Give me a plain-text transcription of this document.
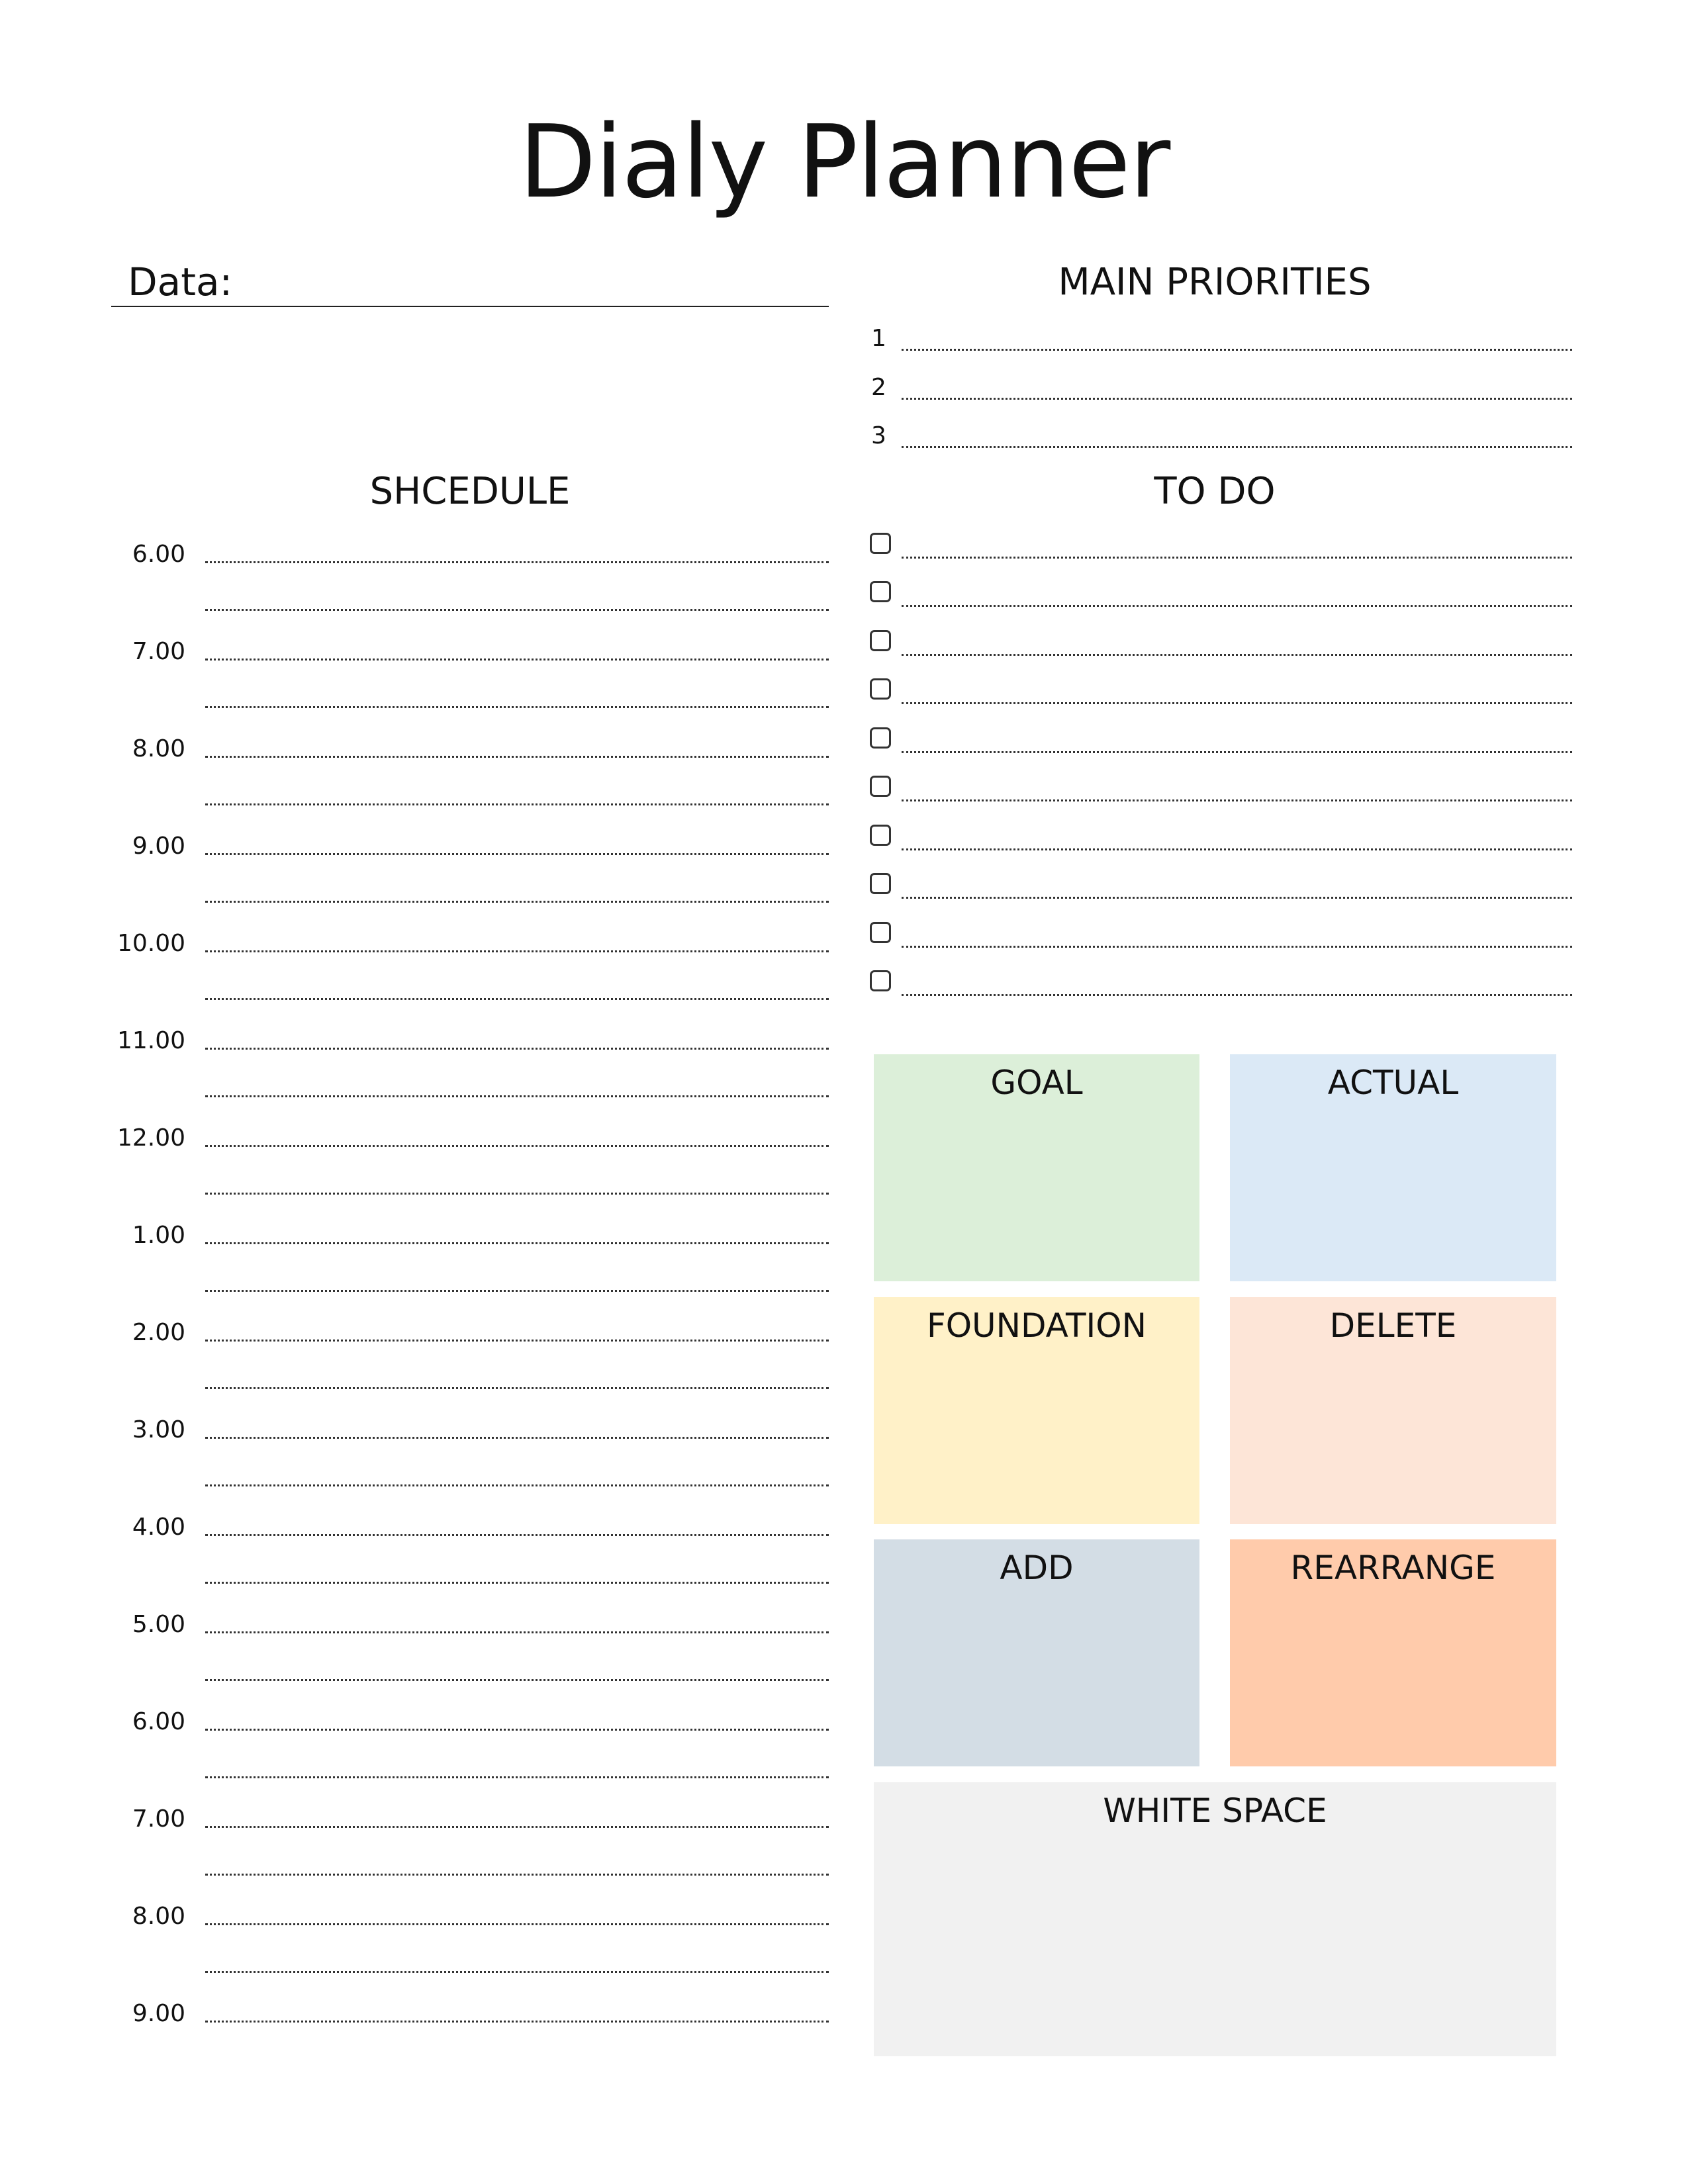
Dialy Planner
Data:	MAIN PRIORITIES
1
2
3
SHCEDULE	TO DO
6.00
7.00
8.00
9.00
10.00
11.00
12.00
1.00
2.00
3.00
4.00
5.00
6.00
7.00
8.00
9.00
GOAL	ACTUAL
FOUNDATION	DELETE
ADD	REARRANGE
WHITE SPACE
